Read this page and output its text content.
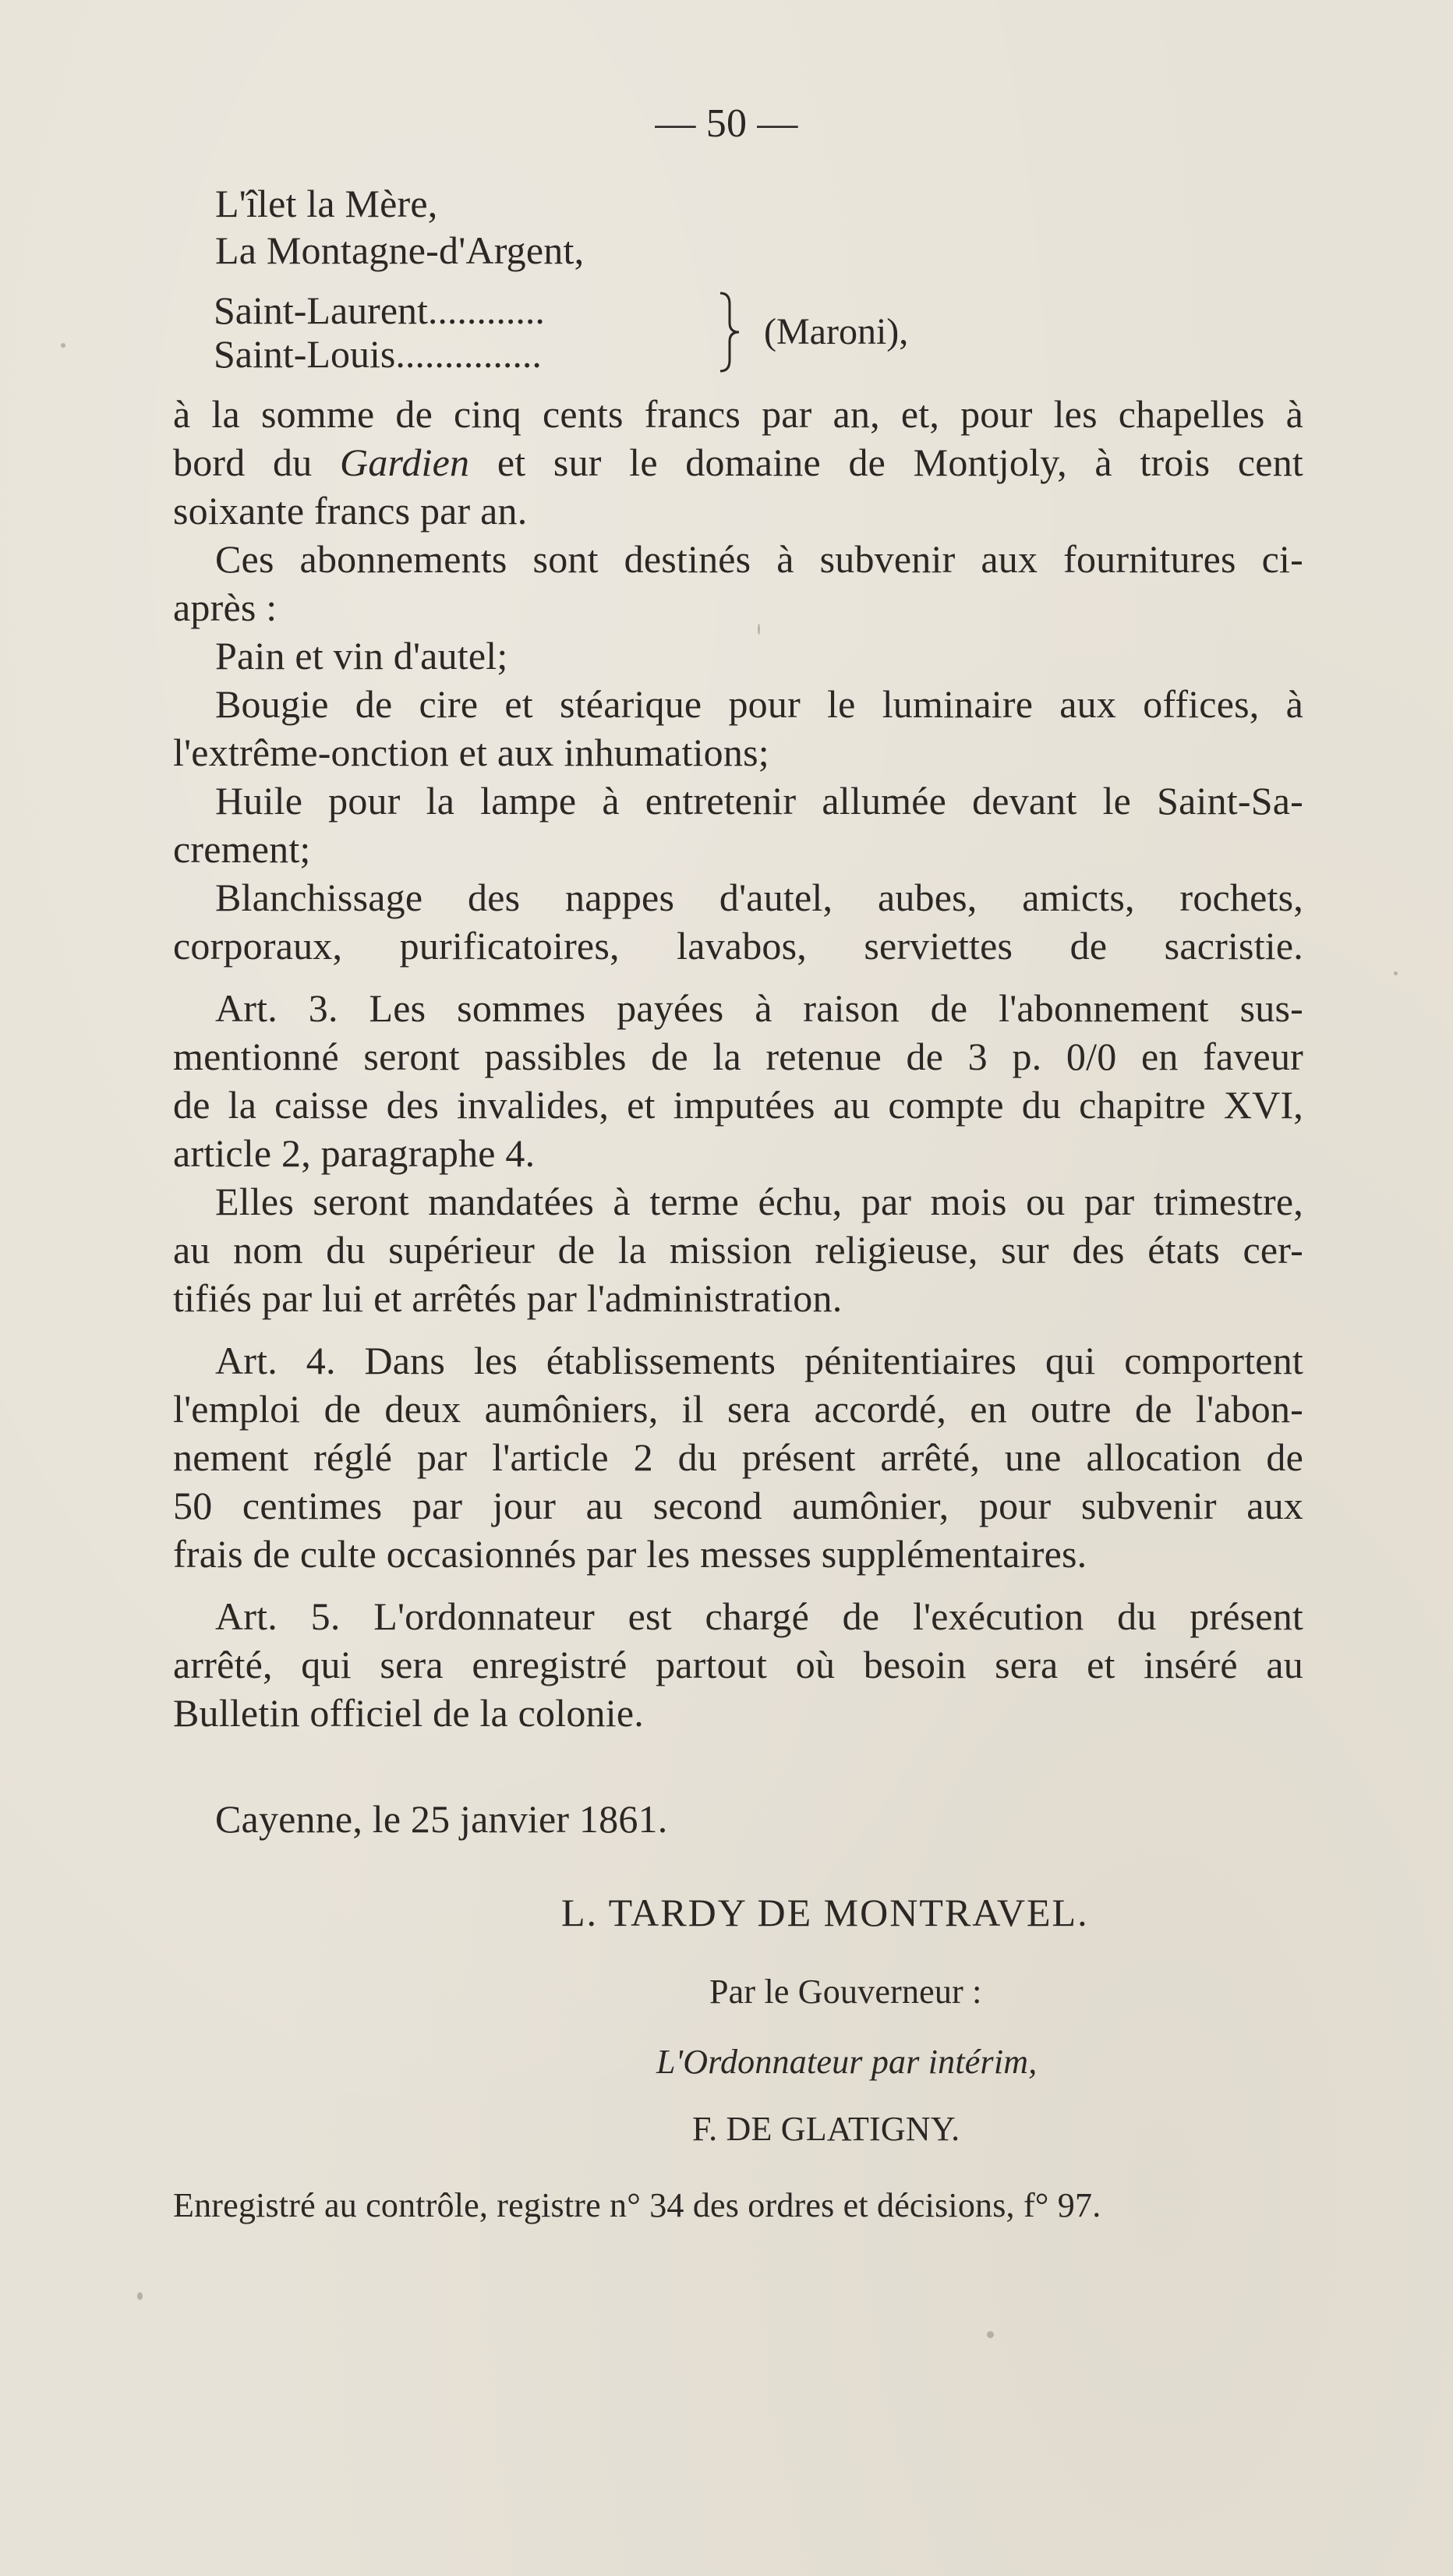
— 50 —
L'îlet la Mère,
La Montagne-d'Argent,
Saint-Laurent............
Saint-Louis...............
(Maroni),
à la somme de cinq cents francs par an, et, pour les chapelles à
bord du Gardien et sur le domaine de Montjoly, à trois cent
soixante francs par an.
Ces abonnements sont destinés à subvenir aux fournitures ci-
après :
Pain et vin d'autel;
Bougie de cire et stéarique pour le luminaire aux offices, à
l'extrême-onction et aux inhumations;
Huile pour la lampe à entretenir allumée devant le Saint-Sa-
crement;
Blanchissage des nappes d'autel, aubes, amicts, rochets,
corporaux, purificatoires, lavabos, serviettes de sacristie.
Art. 3. Les sommes payées à raison de l'abonnement sus-
mentionné seront passibles de la retenue de 3 p. 0/0 en faveur
de la caisse des invalides, et imputées au compte du chapitre XVI,
article 2, paragraphe 4.
Elles seront mandatées à terme échu, par mois ou par trimestre,
au nom du supérieur de la mission religieuse, sur des états cer-
tifiés par lui et arrêtés par l'administration.
Art. 4. Dans les établissements pénitentiaires qui comportent
l'emploi de deux aumôniers, il sera accordé, en outre de l'abon-
nement réglé par l'article 2 du présent arrêté, une allocation de
50 centimes par jour au second aumônier, pour subvenir aux
frais de culte occasionnés par les messes supplémentaires.
Art. 5. L'ordonnateur est chargé de l'exécution du présent
arrêté, qui sera enregistré partout où besoin sera et inséré au
Bulletin officiel de la colonie.
Cayenne, le 25 janvier 1861.
L. TARDY DE MONTRAVEL.
Par le Gouverneur :
L'Ordonnateur par intérim,
F. DE GLATIGNY.
Enregistré au contrôle, registre n° 34 des ordres et décisions, f° 97.
